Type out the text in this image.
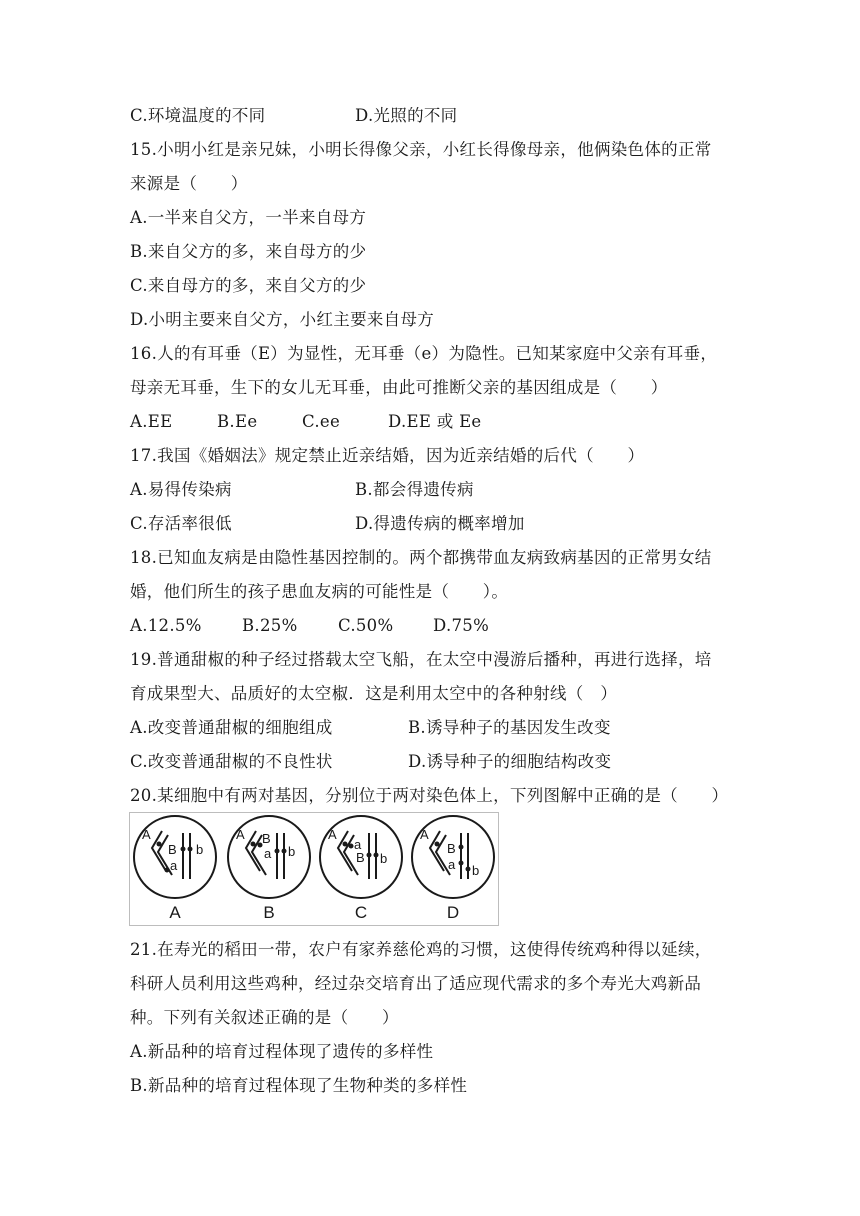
C.环境温度的不同	D.光照的不同
15.小明小红是亲兄妹，小明长得像父亲，小红长得像母亲，他俩染色体的正常
来源是（　　）
A.一半来自父方，一半来自母方
B.来自父方的多，来自母方的少
C.来自母方的多，来自父方的少
D.小明主要来自父方，小红主要来自母方
16.人的有耳垂（E）为显性，无耳垂（e）为隐性。已知某家庭中父亲有耳垂，
母亲无耳垂，生下的女儿无耳垂，由此可推断父亲的基因组成是（　　）
A.EE	B.Ee	C.ee	D.EE 或 Ee
17.我国《婚姻法》规定禁止近亲结婚，因为近亲结婚的后代（　　）
A.易得传染病	B.都会得遗传病
C.存活率很低	D.得遗传病的概率增加
18.已知血友病是由隐性基因控制的。两个都携带血友病致病基因的正常男女结
婚，他们所生的孩子患血友病的可能性是（　　）。
A.12.5% B.25% C.50% D.75%
19.普通甜椒的种子经过搭载太空飞船，在太空中漫游后播种，再进行选择，培
育成果型大、品质好的太空椒．这是利用太空中的各种射线（　）
A.改变普通甜椒的细胞组成	B.诱导种子的基因发生改变
C.改变普通甜椒的不良性状	D.诱导种子的细胞结构改变
20.某细胞中有两对基因，分别位于两对染色体上，下列图解中正确的是（　　）
A
B
a
b
A
A B
a b
B
A
a
B b
C
A
B
a b
D
21.在寿光的稻田一带，农户有家养慈伦鸡的习惯，这使得传统鸡种得以延续，
科研人员利用这些鸡种，经过杂交培育出了适应现代需求的多个寿光大鸡新品
种。下列有关叙述正确的是（　　）
A.新品种的培育过程体现了遗传的多样性
B.新品种的培育过程体现了生物种类的多样性
